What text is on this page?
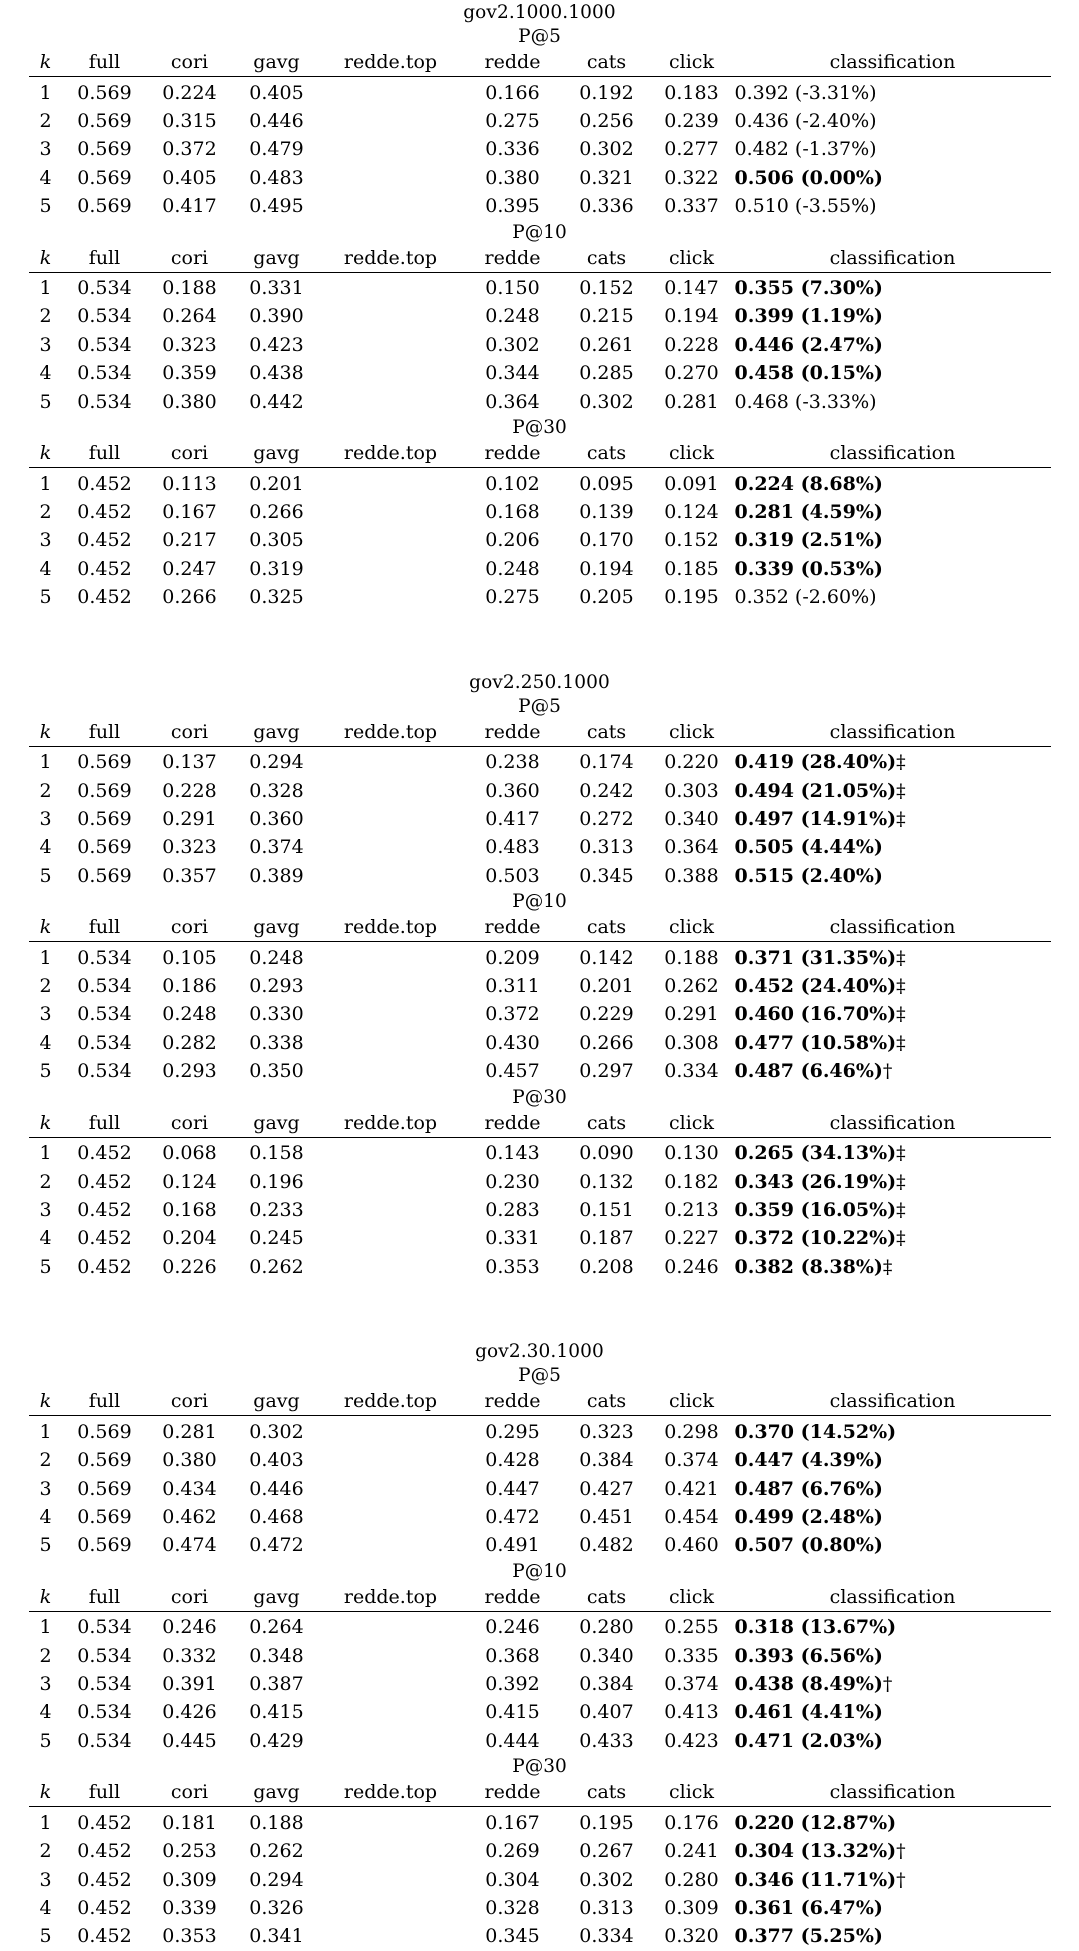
gov2.1000.1000
P@5
k	full	cori	gavg	redde.top	redde	cats	click	classification
1	0.569	0.224	0.405		0.166	0.192	0.183	0.392 (-3.31%)
2	0.569	0.315	0.446		0.275	0.256	0.239	0.436 (-2.40%)
3	0.569	0.372	0.479		0.336	0.302	0.277	0.482 (-1.37%)
4	0.569	0.405	0.483		0.380	0.321	0.322	0.506 (0.00%)
5	0.569	0.417	0.495		0.395	0.336	0.337	0.510 (-3.55%)
P@10
k	full	cori	gavg	redde.top	redde	cats	click	classification
1	0.534	0.188	0.331		0.150	0.152	0.147	0.355 (7.30%)
2	0.534	0.264	0.390		0.248	0.215	0.194	0.399 (1.19%)
3	0.534	0.323	0.423		0.302	0.261	0.228	0.446 (2.47%)
4	0.534	0.359	0.438		0.344	0.285	0.270	0.458 (0.15%)
5	0.534	0.380	0.442		0.364	0.302	0.281	0.468 (-3.33%)
P@30
k	full	cori	gavg	redde.top	redde	cats	click	classification
1	0.452	0.113	0.201		0.102	0.095	0.091	0.224 (8.68%)
2	0.452	0.167	0.266		0.168	0.139	0.124	0.281 (4.59%)
3	0.452	0.217	0.305		0.206	0.170	0.152	0.319 (2.51%)
4	0.452	0.247	0.319		0.248	0.194	0.185	0.339 (0.53%)
5	0.452	0.266	0.325		0.275	0.205	0.195	0.352 (-2.60%)
gov2.250.1000
P@5
k	full	cori	gavg	redde.top	redde	cats	click	classification
1	0.569	0.137	0.294		0.238	0.174	0.220	0.419 (28.40%)‡
2	0.569	0.228	0.328		0.360	0.242	0.303	0.494 (21.05%)‡
3	0.569	0.291	0.360		0.417	0.272	0.340	0.497 (14.91%)‡
4	0.569	0.323	0.374		0.483	0.313	0.364	0.505 (4.44%)
5	0.569	0.357	0.389		0.503	0.345	0.388	0.515 (2.40%)
P@10
k	full	cori	gavg	redde.top	redde	cats	click	classification
1	0.534	0.105	0.248		0.209	0.142	0.188	0.371 (31.35%)‡
2	0.534	0.186	0.293		0.311	0.201	0.262	0.452 (24.40%)‡
3	0.534	0.248	0.330		0.372	0.229	0.291	0.460 (16.70%)‡
4	0.534	0.282	0.338		0.430	0.266	0.308	0.477 (10.58%)‡
5	0.534	0.293	0.350		0.457	0.297	0.334	0.487 (6.46%)†
P@30
k	full	cori	gavg	redde.top	redde	cats	click	classification
1	0.452	0.068	0.158		0.143	0.090	0.130	0.265 (34.13%)‡
2	0.452	0.124	0.196		0.230	0.132	0.182	0.343 (26.19%)‡
3	0.452	0.168	0.233		0.283	0.151	0.213	0.359 (16.05%)‡
4	0.452	0.204	0.245		0.331	0.187	0.227	0.372 (10.22%)‡
5	0.452	0.226	0.262		0.353	0.208	0.246	0.382 (8.38%)‡
gov2.30.1000
P@5
k	full	cori	gavg	redde.top	redde	cats	click	classification
1	0.569	0.281	0.302		0.295	0.323	0.298	0.370 (14.52%)
2	0.569	0.380	0.403		0.428	0.384	0.374	0.447 (4.39%)
3	0.569	0.434	0.446		0.447	0.427	0.421	0.487 (6.76%)
4	0.569	0.462	0.468		0.472	0.451	0.454	0.499 (2.48%)
5	0.569	0.474	0.472		0.491	0.482	0.460	0.507 (0.80%)
P@10
k	full	cori	gavg	redde.top	redde	cats	click	classification
1	0.534	0.246	0.264		0.246	0.280	0.255	0.318 (13.67%)
2	0.534	0.332	0.348		0.368	0.340	0.335	0.393 (6.56%)
3	0.534	0.391	0.387		0.392	0.384	0.374	0.438 (8.49%)†
4	0.534	0.426	0.415		0.415	0.407	0.413	0.461 (4.41%)
5	0.534	0.445	0.429		0.444	0.433	0.423	0.471 (2.03%)
P@30
k	full	cori	gavg	redde.top	redde	cats	click	classification
1	0.452	0.181	0.188		0.167	0.195	0.176	0.220 (12.87%)
2	0.452	0.253	0.262		0.269	0.267	0.241	0.304 (13.32%)†
3	0.452	0.309	0.294		0.304	0.302	0.280	0.346 (11.71%)†
4	0.452	0.339	0.326		0.328	0.313	0.309	0.361 (6.47%)
5	0.452	0.353	0.341		0.345	0.334	0.320	0.377 (5.25%)
